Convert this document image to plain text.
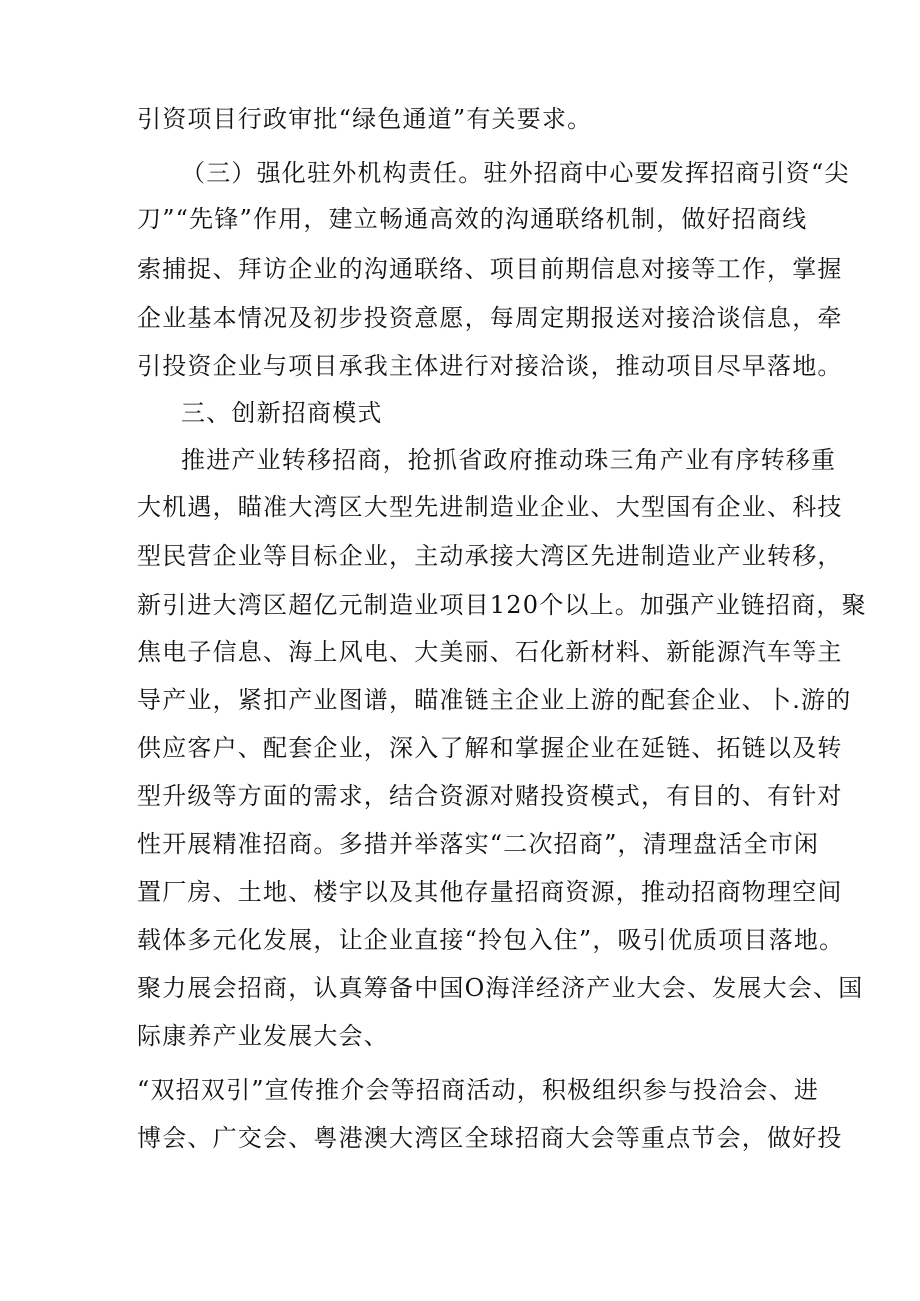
引资项目行政审批“绿色通道”有关要求。
（三）强化驻外机构责任。驻外招商中心要发挥招商引资“尖
刀”“先锋”作用，建立畅通高效的沟通联络机制，做好招商线
索捕捉、拜访企业的沟通联络、项目前期信息对接等工作，掌握
企业基本情况及初步投资意愿，每周定期报送对接洽谈信息，牵
引投资企业与项目承我主体进行对接洽谈，推动项目尽早落地。
三、创新招商模式
推进产业转移招商，抢抓省政府推动珠三角产业有序转移重
大机遇，瞄准大湾区大型先进制造业企业、大型国有企业、科技
型民营企业等目标企业，主动承接大湾区先进制造业产业转移，
新引进大湾区超亿元制造业项目120个以上。加强产业链招商，聚
焦电子信息、海上风电、大美丽、石化新材料、新能源汽车等主
导产业，紧扣产业图谱，瞄准链主企业上游的配套企业、卜.游的
供应客户、配套企业，深入了解和掌握企业在延链、拓链以及转
型升级等方面的需求，结合资源对赌投资模式，有目的、有针对
性开展精准招商。多措并举落实“二次招商”，清理盘活全市闲
置厂房、土地、楼宇以及其他存量招商资源，推动招商物理空间
载体多元化发展，让企业直接“拎包入住”，吸引优质项目落地。
聚力展会招商，认真筹备中国O海洋经济产业大会、发展大会、国
际康养产业发展大会、
“双招双引”宣传推介会等招商活动，积极组织参与投洽会、进
博会、广交会、粤港澳大湾区全球招商大会等重点节会，做好投
